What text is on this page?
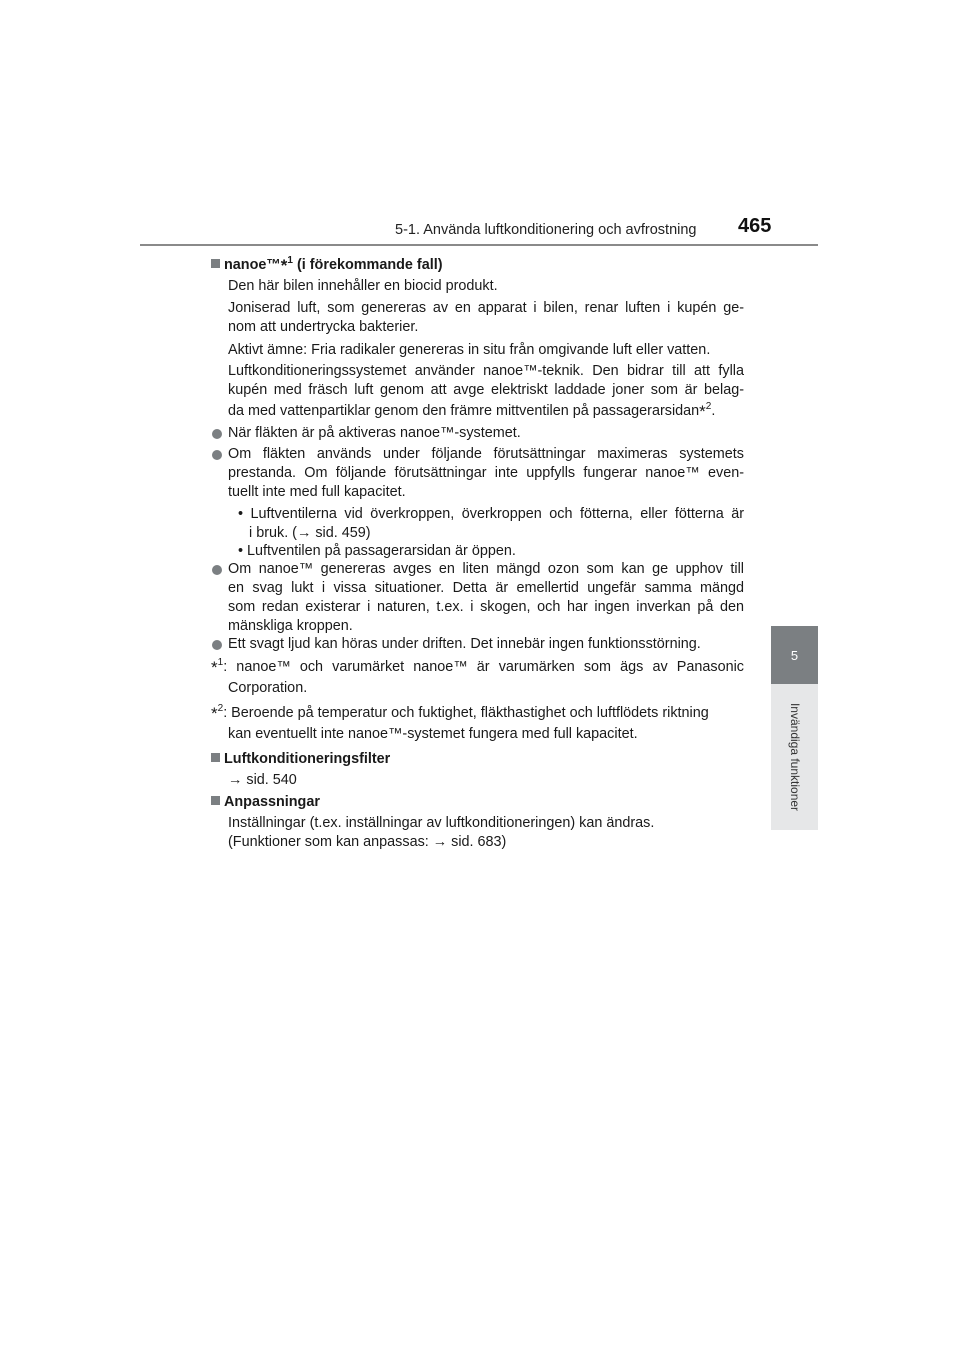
5-1. Använda luftkonditionering och avfrostning 465
5
Invändiga funktioner
nanoe™*$^1$ (i förekommande fall)
Den här bilen innehåller en biocid produkt.
Joniserad luft, som genereras av en apparat i bilen, renar luften i kupén ge-
nom att undertrycka bakterier.
Aktivt ämne: Fria radikaler genereras in situ från omgivande luft eller vatten.
Luftkonditioneringssystemet använder nanoe™-teknik. Den bidrar till att fylla
kupén med fräsch luft genom att avge elektriskt laddade joner som är belag-
da med vattenpartiklar genom den främre mittventilen på passagerarsidan*$^2$.
När fläkten är på aktiveras nanoe™-systemet.
Om fläkten används under följande förutsättningar maximeras systemets
prestanda. Om följande förutsättningar inte uppfylls fungerar nanoe™ even-
tuellt inte med full kapacitet.
• Luftventilerna vid överkroppen, överkroppen och fötterna, eller fötterna är
i bruk. (→ sid. 459)
• Luftventilen på passagerarsidan är öppen.
Om nanoe™ genereras avges en liten mängd ozon som kan ge upphov till
en svag lukt i vissa situationer. Detta är emellertid ungefär samma mängd
som redan existerar i naturen, t.ex. i skogen, och har ingen inverkan på den
mänskliga kroppen.
Ett svagt ljud kan höras under driften. Det innebär ingen funktionsstörning.
*$^1$: nanoe™ och varumärket nanoe™ är varumärken som ägs av Panasonic
Corporation.
*$^2$: Beroende på temperatur och fuktighet, fläkthastighet och luftflödets riktning
kan eventuellt inte nanoe™-systemet fungera med full kapacitet.
Luftkonditioneringsfilter
→ sid. 540
Anpassningar
Inställningar (t.ex. inställningar av luftkonditioneringen) kan ändras.
(Funktioner som kan anpassas: → sid. 683)
